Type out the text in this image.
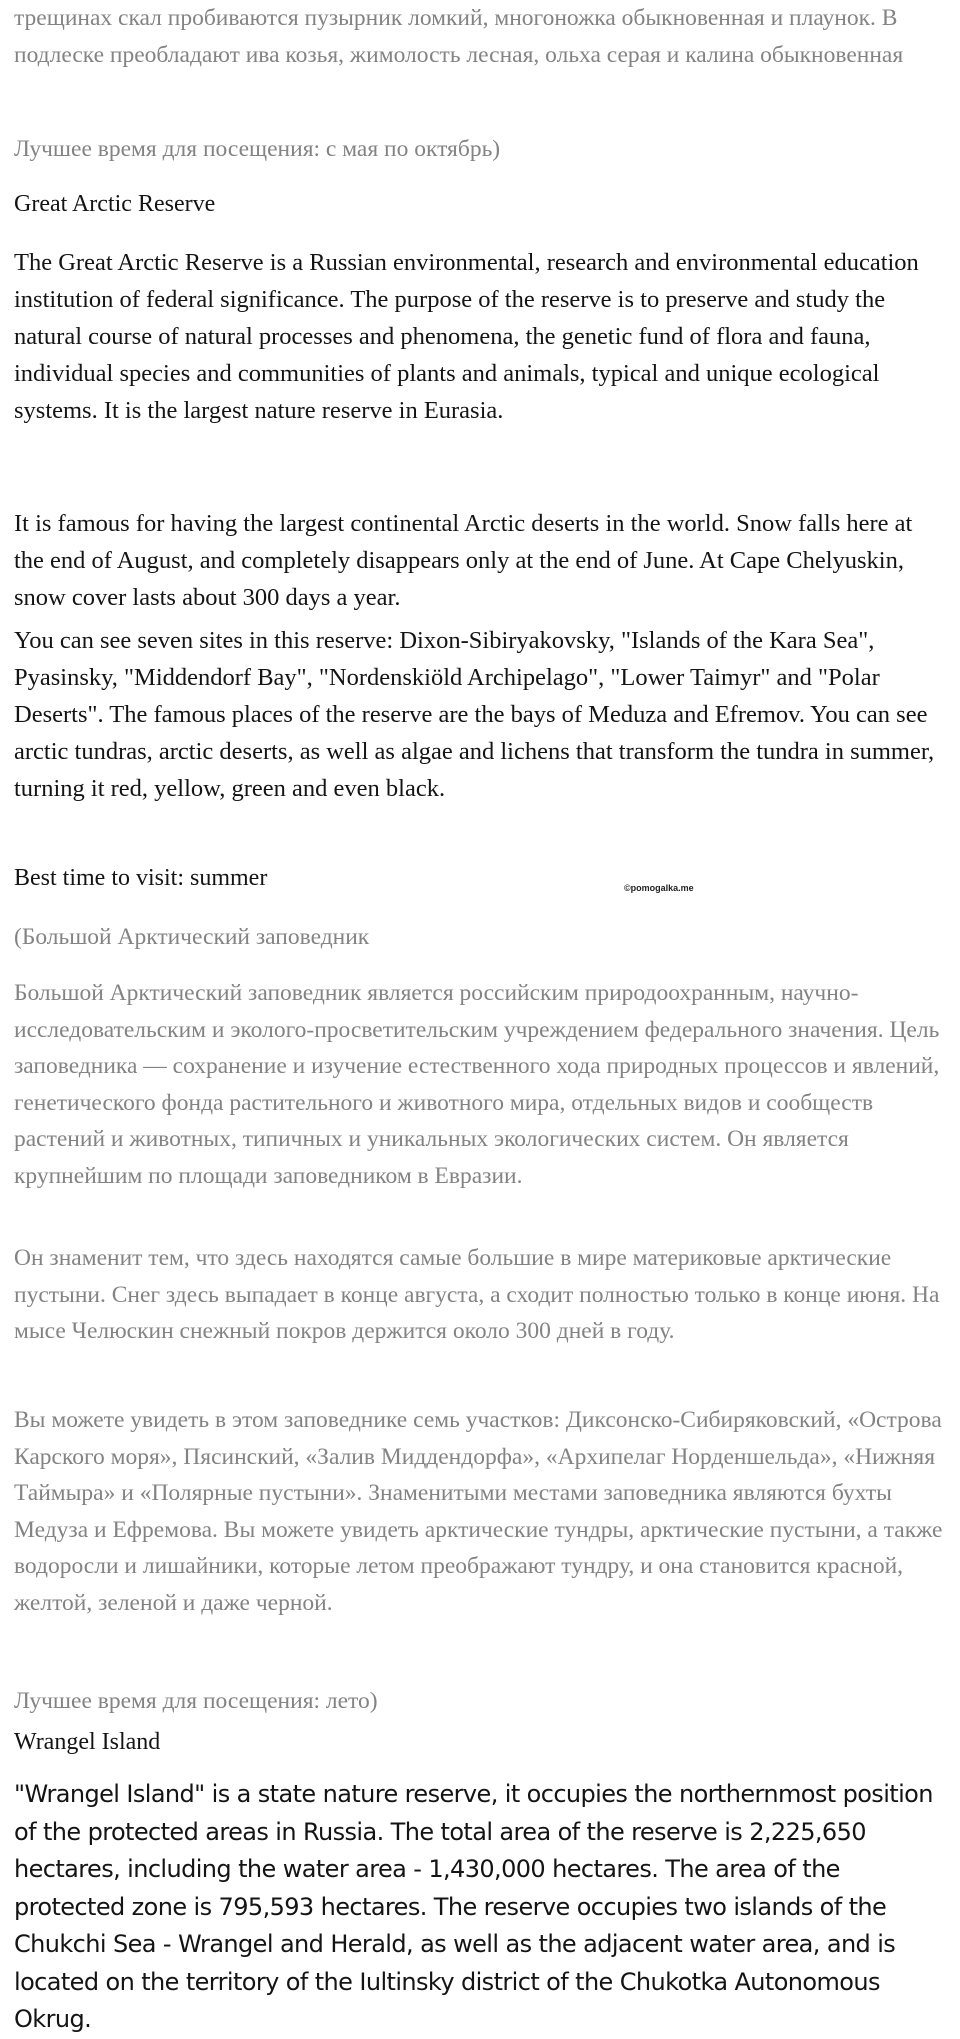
трещинах скал пробиваются пузырник ломкий, многоножка обыкновенная и плаунок. В подлеске преобладают ива козья, жимолость лесная, ольха серая и калина обыкновенная

Лучшее время для посещения: с мая по октябрь)

Great Arctic Reserve

The Great Arctic Reserve is a Russian environmental, research and environmental education institution of federal significance. The purpose of the reserve is to preserve and study the natural course of natural processes and phenomena, the genetic fund of flora and fauna, individual species and communities of plants and animals, typical and unique ecological systems. It is the largest nature reserve in Eurasia.

It is famous for having the largest continental Arctic deserts in the world. Snow falls here at the end of August, and completely disappears only at the end of June. At Cape Chelyuskin, snow cover lasts about 300 days a year.

You can see seven sites in this reserve: Dixon-Sibiryakovsky, "Islands of the Kara Sea", Pyasinsky, "Middendorf Bay", "Nordenskiöld Archipelago", "Lower Taimyr" and "Polar Deserts". The famous places of the reserve are the bays of Meduza and Efremov. You can see arctic tundras, arctic deserts, as well as algae and lichens that transform the tundra in summer, turning it red, yellow, green and even black.

Best time to visit: summer	©pomogalka.me

(Большой Арктический заповедник

Большой Арктический заповедник является российским природоохранным, научно-исследовательским и эколого-просветительским учреждением федерального значения. Цель заповедника — сохранение и изучение естественного хода природных процессов и явлений, генетического фонда растительного и животного мира, отдельных видов и сообществ растений и животных, типичных и уникальных экологических систем. Он является крупнейшим по площади заповедником в Евразии.

Он знаменит тем, что здесь находятся самые большие в мире материковые арктические пустыни. Снег здесь выпадает в конце августа, а сходит полностью только в конце июня. На мысе Челюскин снежный покров держится около 300 дней в году.

Вы можете увидеть в этом заповеднике семь участков: Диксонско-Сибиряковский, «Острова Карского моря», Пясинский, «Залив Миддендорфа», «Архипелаг Норденшельда», «Нижняя Таймыра» и «Полярные пустыни». Знаменитыми местами заповедника являются бухты Медуза и Ефремова. Вы можете увидеть арктические тундры, арктические пустыни, а также водоросли и лишайники, которые летом преображают тундру, и она становится красной, желтой, зеленой и даже черной.

Лучшее время для посещения: лето)

Wrangel Island

"Wrangel Island" is a state nature reserve, it occupies the northernmost position of the protected areas in Russia. The total area of the reserve is 2,225,650 hectares, including the water area - 1,430,000 hectares. The area of the protected zone is 795,593 hectares. The reserve occupies two islands of the Chukchi Sea - Wrangel and Herald, as well as the adjacent water area, and is located on the territory of the Iultinsky district of the Chukotka Autonomous Okrug.
